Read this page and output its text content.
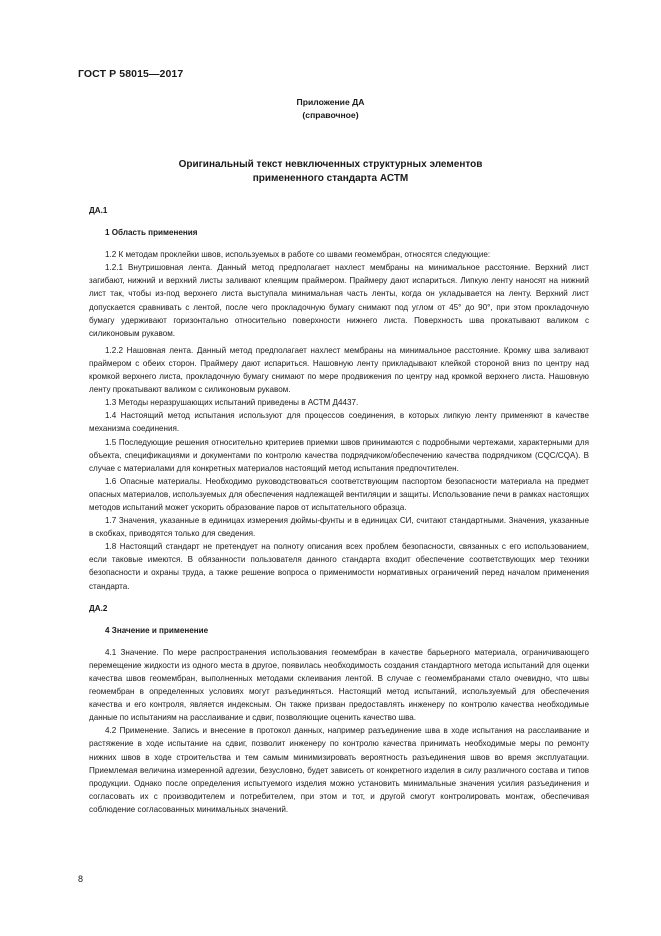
ГОСТ Р 58015—2017
Приложение ДА
(справочное)
Оригинальный текст невключенных структурных элементов
примененного стандарта АСТМ

ДА.1

1 Область применения

1.2 К методам проклейки швов, используемых в работе со швами геомембран, относятся следующие:

1.2.1 Внутришовная лента. Данный метод предполагает нахлест мембраны на минимальное расстояние. Верхний лист загибают, нижний и верхний листы заливают клеящим праймером. Праймеру дают испариться. Липкую ленту наносят на нижний лист так, чтобы из-под верхнего листа выступала минимальная часть ленты, когда он укладывается на ленту. Верхний лист допускается сравнивать с лентой, после чего прокладочную бумагу снимают под углом от 45° до 90°, при этом прокладочную бумагу удерживают горизонтально относительно поверхности нижнего листа. Поверхность шва прокатывают валиком с силиконовым рукавом.

1.2.2 Нашовная лента. Данный метод предполагает нахлест мембраны на минимальное расстояние. Кромку шва заливают праймером с обеих сторон. Праймеру дают испариться. Нашовную ленту прикладывают клейкой стороной вниз по центру над кромкой верхнего листа, прокладочную бумагу снимают по мере продвижения по центру над кромкой верхнего листа. Нашовную ленту прокатывают валиком с силиконовым рукавом.

1.3 Методы неразрушающих испытаний приведены в АСТМ Д4437.

1.4 Настоящий метод испытания используют для процессов соединения, в которых липкую ленту применяют в качестве механизма соединения.

1.5 Последующие решения относительно критериев приемки швов принимаются с подробными чертежами, характерными для объекта, спецификациями и документами по контролю качества подрядчиком/обеспечению качества подрядчиком (CQC/CQA). В случае с материалами для конкретных материалов настоящий метод испытания предпочтителен.

1.6 Опасные материалы. Необходимо руководствоваться соответствующим паспортом безопасности материала на предмет опасных материалов, используемых для обеспечения надлежащей вентиляции и защиты. Использование печи в рамках настоящих методов испытаний может ускорить образование паров от испытательного образца.

1.7 Значения, указанные в единицах измерения дюймы-фунты и в единицах СИ, считают стандартными. Значения, указанные в скобках, приводятся только для сведения.

1.8 Настоящий стандарт не претендует на полноту описания всех проблем безопасности, связанных с его использованием, если таковые имеются. В обязанности пользователя данного стандарта входит обеспечение соответствующих мер техники безопасности и охраны труда, а также решение вопроса о применимости нормативных ограничений перед началом применения стандарта.

ДА.2

4 Значение и применение

4.1 Значение. По мере распространения использования геомембран в качестве барьерного материала, ограничивающего перемещение жидкости из одного места в другое, появилась необходимость создания стандартного метода испытаний для оценки качества швов геомембран, выполненных методами склеивания лентой. В случае с геомембранами стало очевидно, что швы геомембран в определенных условиях могут разъединяться. Настоящий метод испытаний, используемый для обеспечения качества и его контроля, является индексным. Он также призван предоставлять инженеру по контролю качества необходимые данные по испытаниям на расслаивание и сдвиг, позволяющие оценить качество шва.

4.2 Применение. Запись и внесение в протокол данных, например разъединение шва в ходе испытания на расслаивание и растяжение в ходе испытание на сдвиг, позволит инженеру по контролю качества принимать необходимые меры по ремонту нижних швов в ходе строительства и тем самым минимизировать вероятность разъединения швов во время эксплуатации. Приемлемая величина измеренной адгезии, безусловно, будет зависеть от конкретного изделия в силу различного состава и типов продукции. Однако после определения испытуемого изделия можно установить минимальные значения усилия разъединения и согласовать их с производителем и потребителем, при этом и тот, и другой смогут контролировать монтаж, обеспечивая соблюдение согласованных минимальных значений.

8
